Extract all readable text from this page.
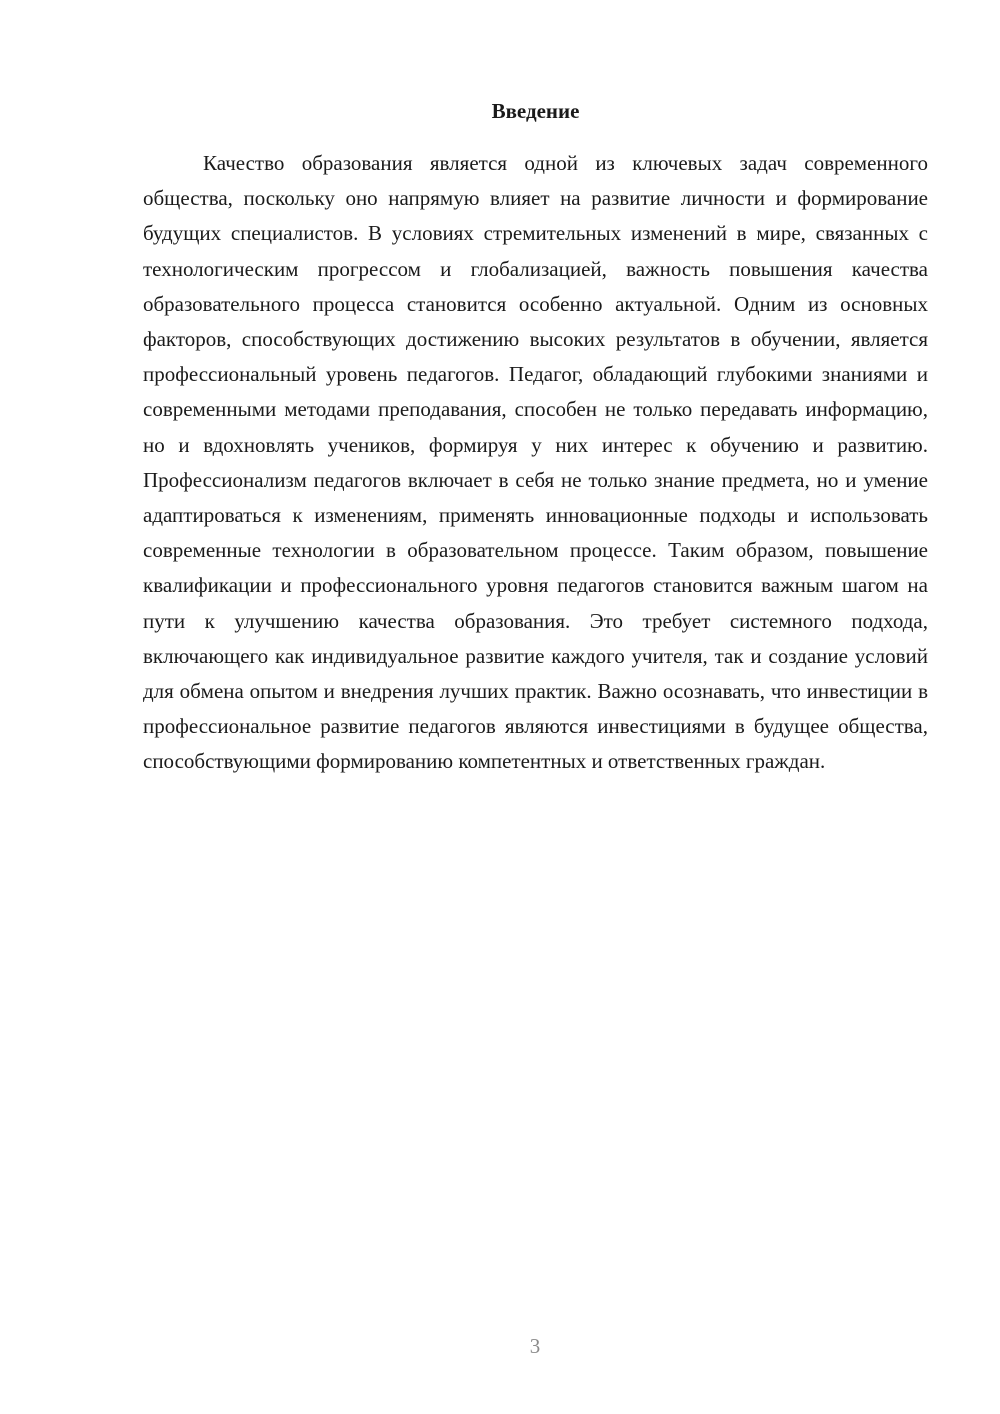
Введение

Качество образования является одной из ключевых задач современного общества, поскольку оно напрямую влияет на развитие личности и формирование будущих специалистов. В условиях стремительных изменений в мире, связанных с технологическим прогрессом и глобализацией, важность повышения качества образовательного процесса становится особенно актуальной. Одним из основных факторов, способствующих достижению высоких результатов в обучении, является профессиональный уровень педагогов. Педагог, обладающий глубокими знаниями и современными методами преподавания, способен не только передавать информацию, но и вдохновлять учеников, формируя у них интерес к обучению и развитию. Профессионализм педагогов включает в себя не только знание предмета, но и умение адаптироваться к изменениям, применять инновационные подходы и использовать современные технологии в образовательном процессе. Таким образом, повышение квалификации и профессионального уровня педагогов становится важным шагом на пути к улучшению качества образования. Это требует системного подхода, включающего как индивидуальное развитие каждого учителя, так и создание условий для обмена опытом и внедрения лучших практик. Важно осознавать, что инвестиции в профессиональное развитие педагогов являются инвестициями в будущее общества, способствующими формированию компетентных и ответственных граждан.

3
